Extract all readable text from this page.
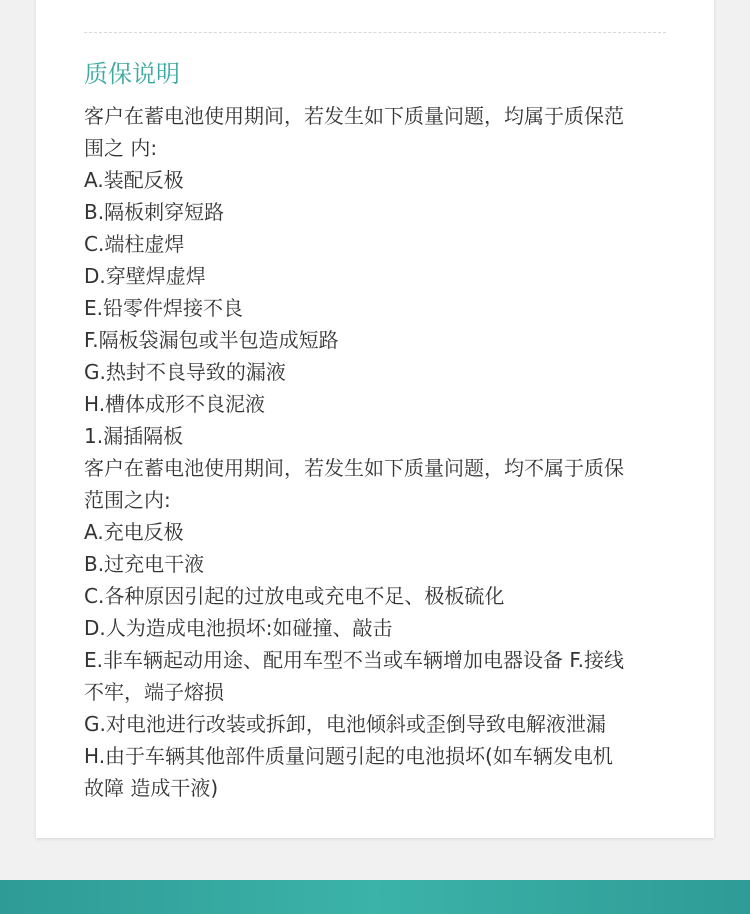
质保说明
客户在蓄电池使用期间，若发生如下质量问题，均属于质保范
围之 内:
A.装配反极
B.隔板刺穿短路
C.端柱虚焊
D.穿壁焊虚焊
E.铅零件焊接不良
F.隔板袋漏包或半包造成短路
G.热封不良导致的漏液
H.槽体成形不良泥液
1.漏插隔板
客户在蓄电池使用期间，若发生如下质量问题，均不属于质保
范围之内:
A.充电反极
B.过充电干液
C.各种原因引起的过放电或充电不足、极板硫化
D.人为造成电池损坏:如碰撞、敲击
E.非车辆起动用途、配用车型不当或车辆增加电器设备 F.接线
不牢，端子熔损
G.对电池进行改装或拆卸，电池倾斜或歪倒导致电解液泄漏
H.由于车辆其他部件质量问题引起的电池损坏(如车辆发电机
故障 造成干液)
